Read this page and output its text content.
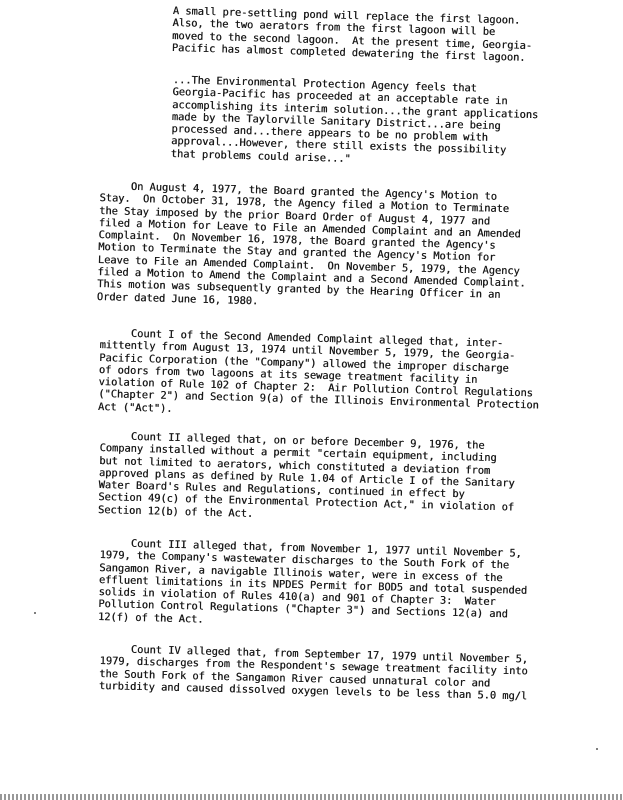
A small pre-settling pond will replace the first lagoon.
Also, the two aerators from the first lagoon will be
moved to the second lagoon.  At the present time, Georgia-
Pacific has almost completed dewatering the first lagoon.

...The Environmental Protection Agency feels that
Georgia-Pacific has proceeded at an acceptable rate in
accomplishing its interim solution...the grant applications
made by the Taylorville Sanitary District...are being
processed and...there appears to be no problem with
approval...However, there still exists the possibility
that problems could arise..."

On August 4, 1977, the Board granted the Agency's Motion to
Stay.  On October 31, 1978, the Agency filed a Motion to Terminate
the Stay imposed by the prior Board Order of August 4, 1977 and
filed a Motion for Leave to File an Amended Complaint and an Amended
Complaint.  On November 16, 1978, the Board granted the Agency's
Motion to Terminate the Stay and granted the Agency's Motion for
Leave to File an Amended Complaint.  On November 5, 1979, the Agency
filed a Motion to Amend the Complaint and a Second Amended Complaint.
This motion was subsequently granted by the Hearing Officer in an
Order dated June 16, 1980.

Count I of the Second Amended Complaint alleged that, inter-
mittently from August 13, 1974 until November 5, 1979, the Georgia-
Pacific Corporation (the "Company") allowed the improper discharge
of odors from two lagoons at its sewage treatment facility in
violation of Rule 102 of Chapter 2:  Air Pollution Control Regulations
("Chapter 2") and Section 9(a) of the Illinois Environmental Protection
Act ("Act").

Count II alleged that, on or before December 9, 1976, the
Company installed without a permit "certain equipment, including
but not limited to aerators, which constituted a deviation from
approved plans as defined by Rule 1.04 of Article I of the Sanitary
Water Board's Rules and Regulations, continued in effect by
Section 49(c) of the Environmental Protection Act," in violation of
Section 12(b) of the Act.

Count III alleged that, from November 1, 1977 until November 5,
1979, the Company's wastewater discharges to the South Fork of the
Sangamon River, a navigable Illinois water, were in excess of the
effluent limitations in its NPDES Permit for BOD5 and total suspended
solids in violation of Rules 410(a) and 901 of Chapter 3:  Water
Pollution Control Regulations ("Chapter 3") and Sections 12(a) and
12(f) of the Act.

Count IV alleged that, from September 17, 1979 until November 5,
1979, discharges from the Respondent's sewage treatment facility into
the South Fork of the Sangamon River caused unnatural color and
turbidity and caused dissolved oxygen levels to be less than 5.0 mg/l
